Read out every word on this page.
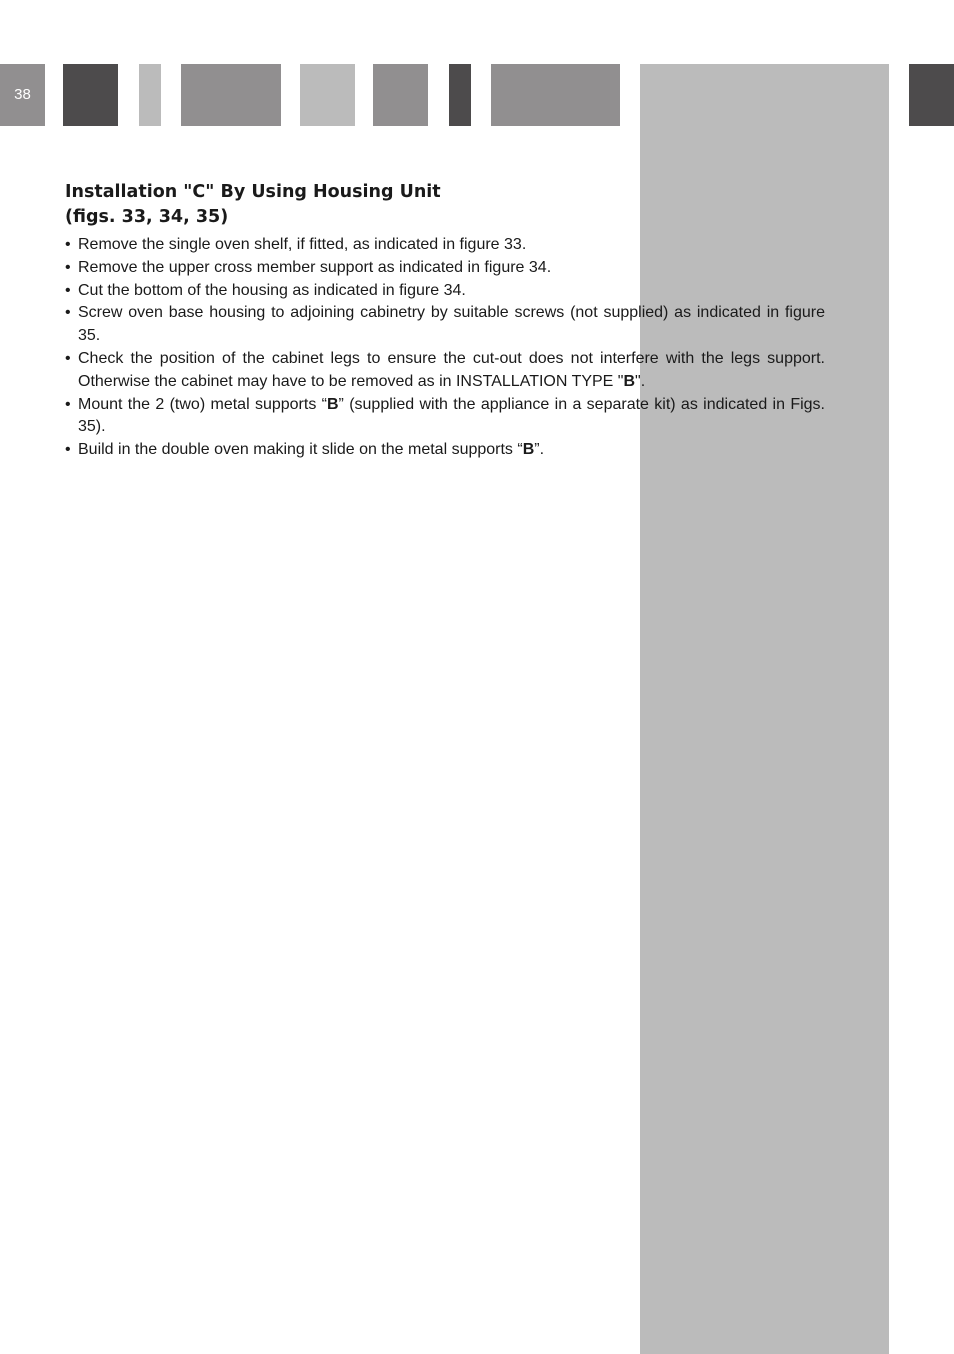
38
Installation "C" By Using Housing Unit
(figs. 33, 34, 35)
• Remove the single oven shelf, if fitted, as indicated in figure 33.
• Remove the upper cross member support as indicated in figure 34.
• Cut the bottom of the housing as indicated in figure 34.
• Screw oven base housing to adjoining cabinetry by suitable screws (not supplied) as indicated in figure 35.
• Check the position of the cabinet legs to ensure the cut-out does not interfere with the legs support. Otherwise the cabinet may have to be removed as in INSTALLATION TYPE "B".
• Mount the 2 (two) metal supports “B” (supplied with the appliance in a separate kit) as indicated in Figs. 35).
• Build in the double oven making it slide on the metal supports “B”.
